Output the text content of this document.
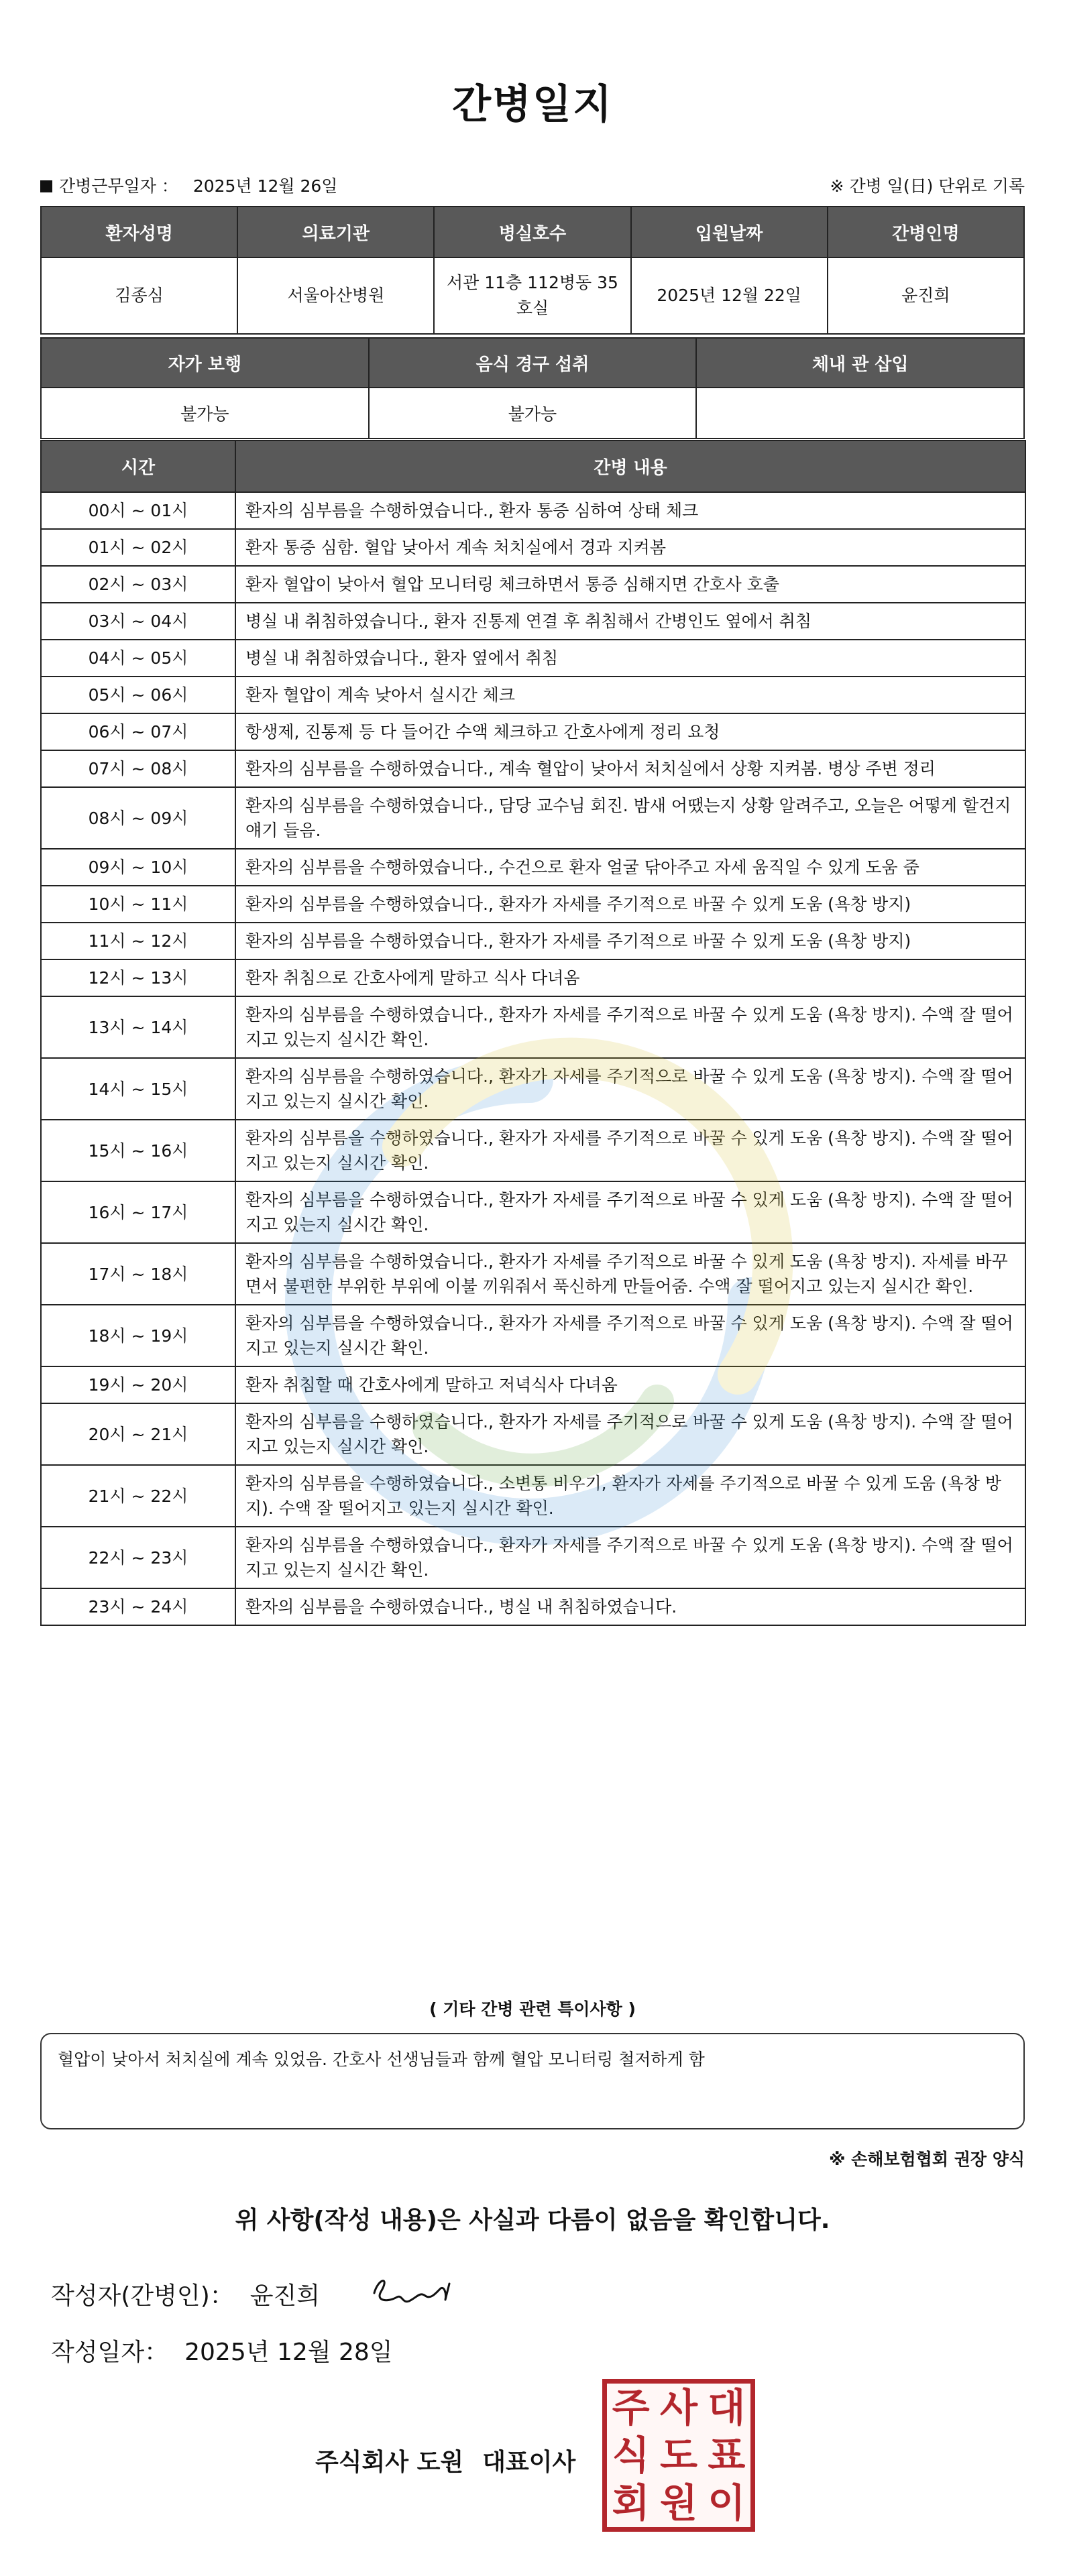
간병일지
간병근무일자 ： 2025년 12월 26일	※ 간병 일(日) 단위로 기록
환자성명	의료기관	병실호수	입원날짜	간병인명
김종심	서울아산병원	서관 11층 112병동 35호실	2025년 12월 22일	윤진희
자가 보행	음식 경구 섭취	체내 관 삽입
불가능	불가능	
시간	간병 내용
00시 ~ 01시	환자의 심부름을 수행하였습니다., 환자 통증 심하여 상태 체크
01시 ~ 02시	환자 통증 심함. 혈압 낮아서 계속 처치실에서 경과 지켜봄
02시 ~ 03시	환자 혈압이 낮아서 혈압 모니터링 체크하면서 통증 심해지면 간호사 호출
03시 ~ 04시	병실 내 취침하였습니다., 환자 진통제 연결 후 취침해서 간병인도 옆에서 취침
04시 ~ 05시	병실 내 취침하였습니다., 환자 옆에서 취침
05시 ~ 06시	환자 혈압이 계속 낮아서 실시간 체크
06시 ~ 07시	항생제, 진통제 등 다 들어간 수액 체크하고 간호사에게 정리 요청
07시 ~ 08시	환자의 심부름을 수행하였습니다., 계속 혈압이 낮아서 처치실에서 상황 지켜봄. 병상 주변 정리
08시 ~ 09시	환자의 심부름을 수행하였습니다., 담당 교수님 회진. 밤새 어땠는지 상황 알려주고, 오늘은 어떻게 할건지 얘기 들음.
09시 ~ 10시	환자의 심부름을 수행하였습니다., 수건으로 환자 얼굴 닦아주고 자세 움직일 수 있게 도움 줌
10시 ~ 11시	환자의 심부름을 수행하였습니다., 환자가 자세를 주기적으로 바꿀 수 있게 도움 (욕창 방지)
11시 ~ 12시	환자의 심부름을 수행하였습니다., 환자가 자세를 주기적으로 바꿀 수 있게 도움 (욕창 방지)
12시 ~ 13시	환자 취침으로 간호사에게 말하고 식사 다녀옴
13시 ~ 14시	환자의 심부름을 수행하였습니다., 환자가 자세를 주기적으로 바꿀 수 있게 도움 (욕창 방지). 수액 잘 떨어지고 있는지 실시간 확인.
14시 ~ 15시	환자의 심부름을 수행하였습니다., 환자가 자세를 주기적으로 바꿀 수 있게 도움 (욕창 방지). 수액 잘 떨어지고 있는지 실시간 확인.
15시 ~ 16시	환자의 심부름을 수행하였습니다., 환자가 자세를 주기적으로 바꿀 수 있게 도움 (욕창 방지). 수액 잘 떨어지고 있는지 실시간 확인.
16시 ~ 17시	환자의 심부름을 수행하였습니다., 환자가 자세를 주기적으로 바꿀 수 있게 도움 (욕창 방지). 수액 잘 떨어지고 있는지 실시간 확인.
17시 ~ 18시	환자의 심부름을 수행하였습니다., 환자가 자세를 주기적으로 바꿀 수 있게 도움 (욕창 방지). 자세를 바꾸면서 불편한 부위한 부위에 이불 끼워줘서 푹신하게 만들어줌. 수액 잘 떨어지고 있는지 실시간 확인.
18시 ~ 19시	환자의 심부름을 수행하였습니다., 환자가 자세를 주기적으로 바꿀 수 있게 도움 (욕창 방지). 수액 잘 떨어지고 있는지 실시간 확인.
19시 ~ 20시	환자 취침할 때 간호사에게 말하고 저녁식사 다녀옴
20시 ~ 21시	환자의 심부름을 수행하였습니다., 환자가 자세를 주기적으로 바꿀 수 있게 도움 (욕창 방지). 수액 잘 떨어지고 있는지 실시간 확인.
21시 ~ 22시	환자의 심부름을 수행하였습니다., 소변통 비우기, 환자가 자세를 주기적으로 바꿀 수 있게 도움 (욕창 방지). 수액 잘 떨어지고 있는지 실시간 확인.
22시 ~ 23시	환자의 심부름을 수행하였습니다., 환자가 자세를 주기적으로 바꿀 수 있게 도움 (욕창 방지). 수액 잘 떨어지고 있는지 실시간 확인.
23시 ~ 24시	환자의 심부름을 수행하였습니다., 병실 내 취침하였습니다.
( 기타 간병 관련 특이사항 )
혈압이 낮아서 처치실에 계속 있었음. 간호사 선생님들과 함께 혈압 모니터링 철저하게 함
※ 손해보험협회 권장 양식
위 사항(작성 내용)은 사실과 다름이 없음을 확인합니다.
작성자(간병인)： 윤진희
작성일자： 2025년 12월 28일
주식회사 도원 대표이사
주 사 대
식 도 표
회 원 이
